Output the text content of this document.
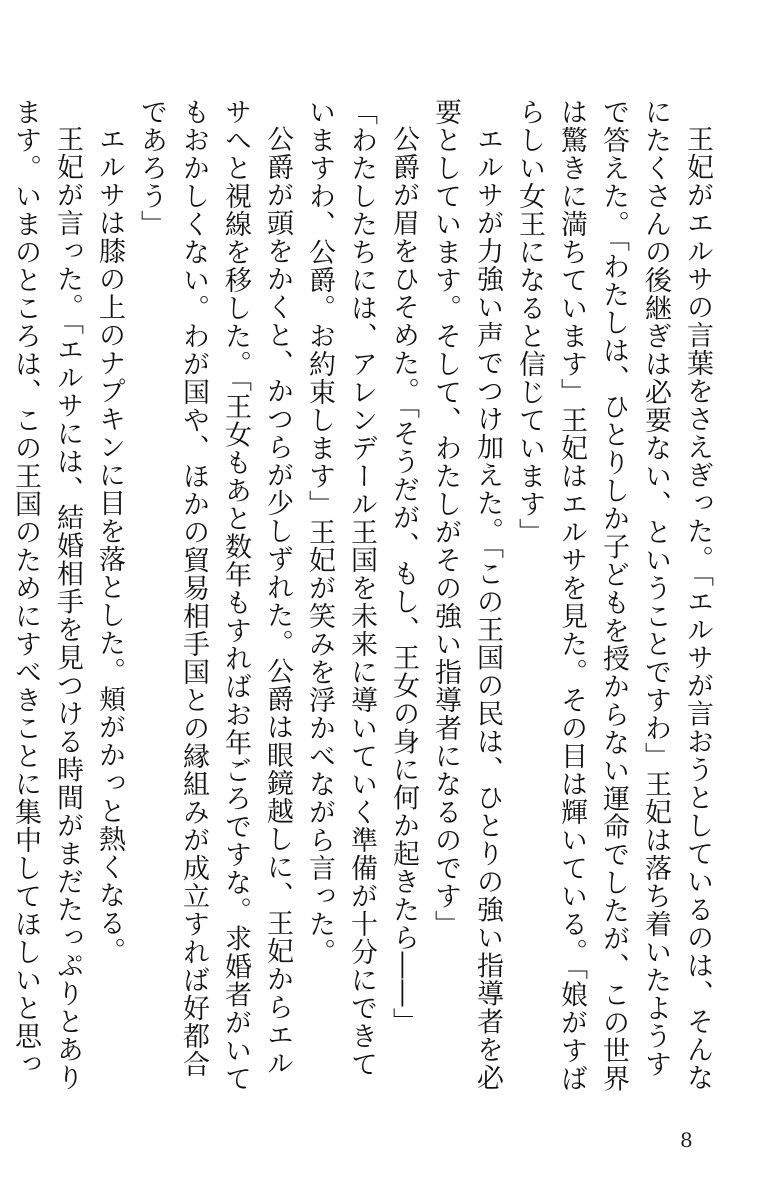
王妃がエルサの言葉をさえぎった。「エルサが言おうとしているのは、そんなにたくさんの後継ぎは必要ない、ということですわ」王妃は落ち着いたようすで答えた。「わたしは、ひとりしか子どもを授からない運命でしたが、この世界は驚きに満ちています」王妃はエルサを見た。その目は輝いている。「娘がすばらしい女王になると信じています」

エルサが力強い声でつけ加えた。「この王国の民は、ひとりの強い指導者を必要としています。そして、わたしがその強い指導者になるのです」

公爵が眉をひそめた。「そうだが、もし、王女の身に何か起きたら――」

「わたしたちには、アレンデール王国を未来に導いていく準備が十分にできていますわ、公爵。お約束します」王妃が笑みを浮かべながら言った。

公爵が頭をかくと、かつらが少しずれた。公爵は眼鏡越しに、王妃からエルサへと視線を移した。「王女もあと数年もすればお年ごろですな。求婚者がいてもおかしくない。わが国や、ほかの貿易相手国との縁組みが成立すれば好都合であろう」

エルサは膝の上のナプキンに目を落とした。頬がかっと熱くなる。

王妃が言った。「エルサには、結婚相手を見つける時間がまだたっぷりとあります。いまのところは、この王国のためにすべきことに集中してほしいと思っ

8
